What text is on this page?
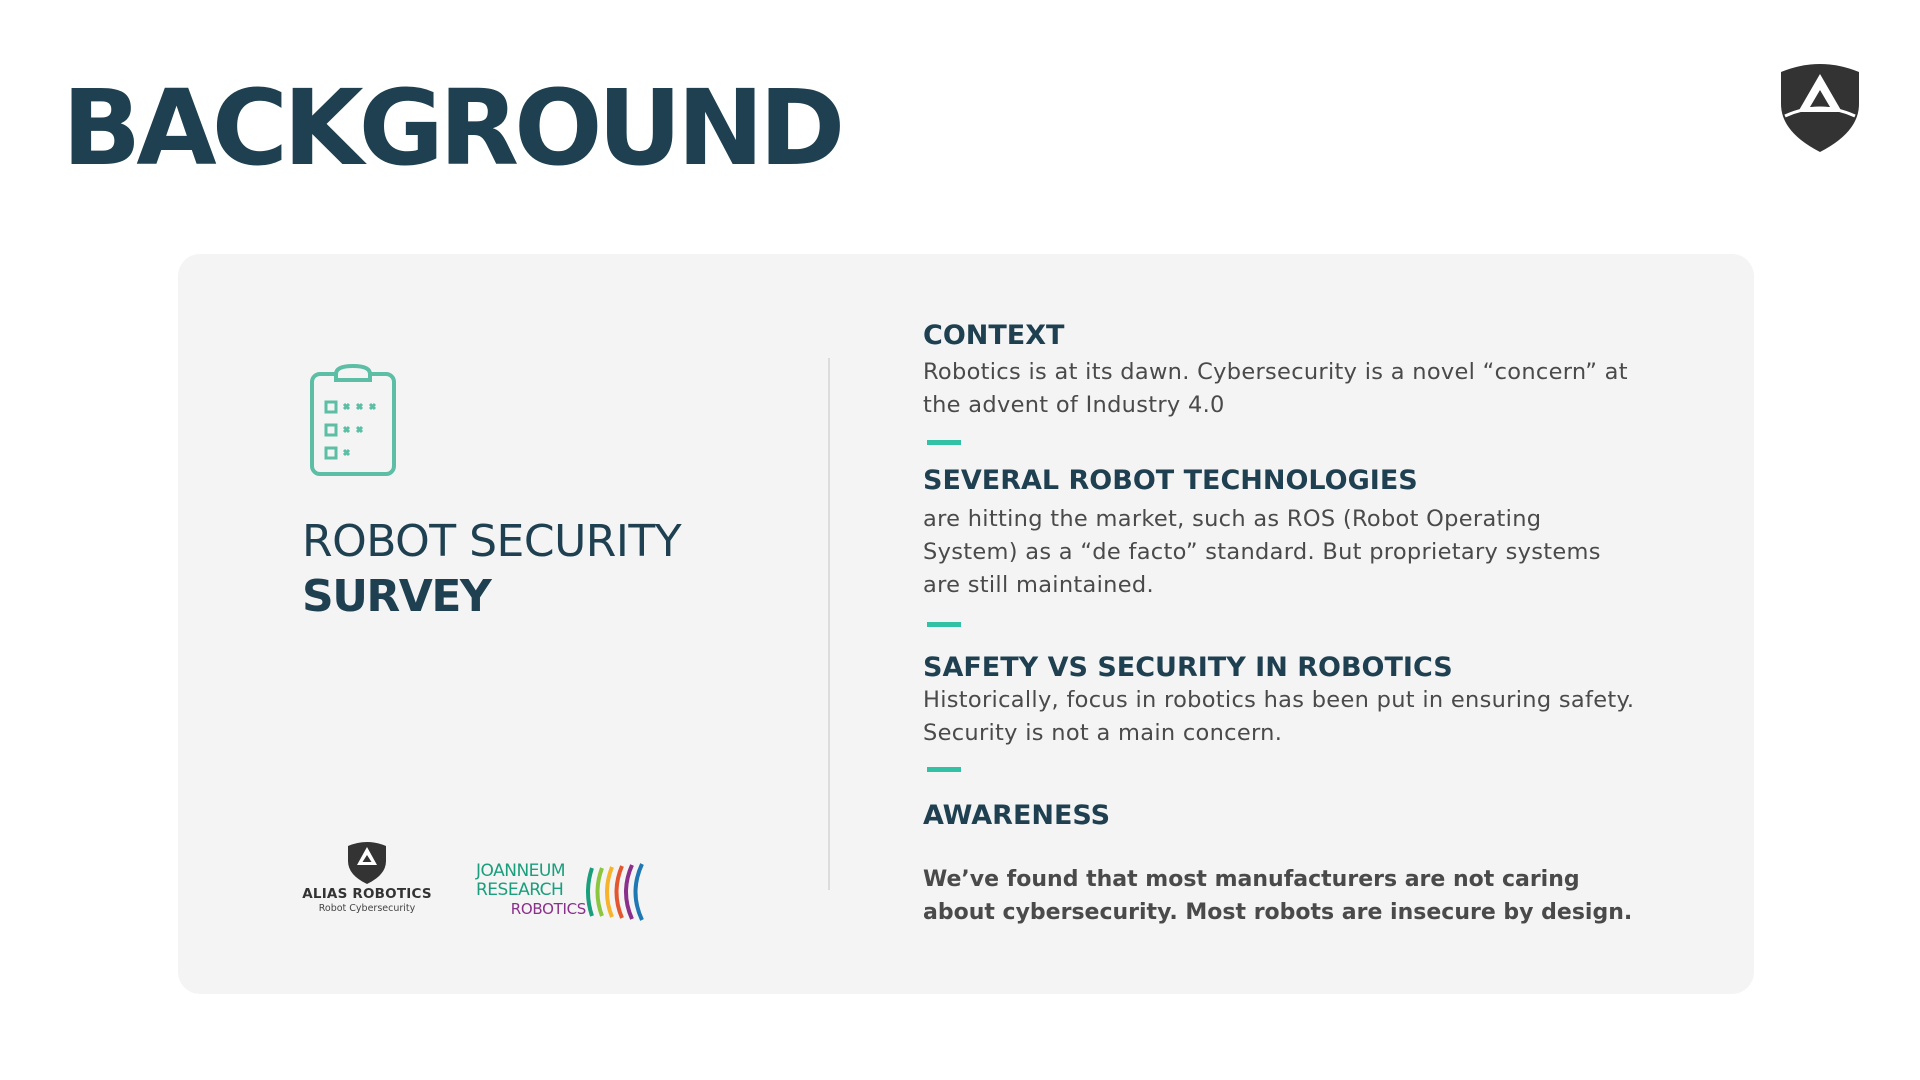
BACKGROUND
ROBOT SECURITY
SURVEY
ALIAS ROBOTICS
Robot Cybersecurity
JOANNEUM
RESEARCH
ROBOTICS
CONTEXT
Robotics is at its dawn. Cybersecurity is a novel “concern” at the advent of Industry 4.0
SEVERAL ROBOT TECHNOLOGIES
are hitting the market, such as ROS (Robot Operating System) as a “de facto” standard. But proprietary systems are still maintained.
SAFETY VS SECURITY IN ROBOTICS
Historically, focus in robotics has been put in ensuring safety. Security is not a main concern.
AWARENESS
We’ve found that most manufacturers are not caring about cybersecurity. Most robots are insecure by design.
